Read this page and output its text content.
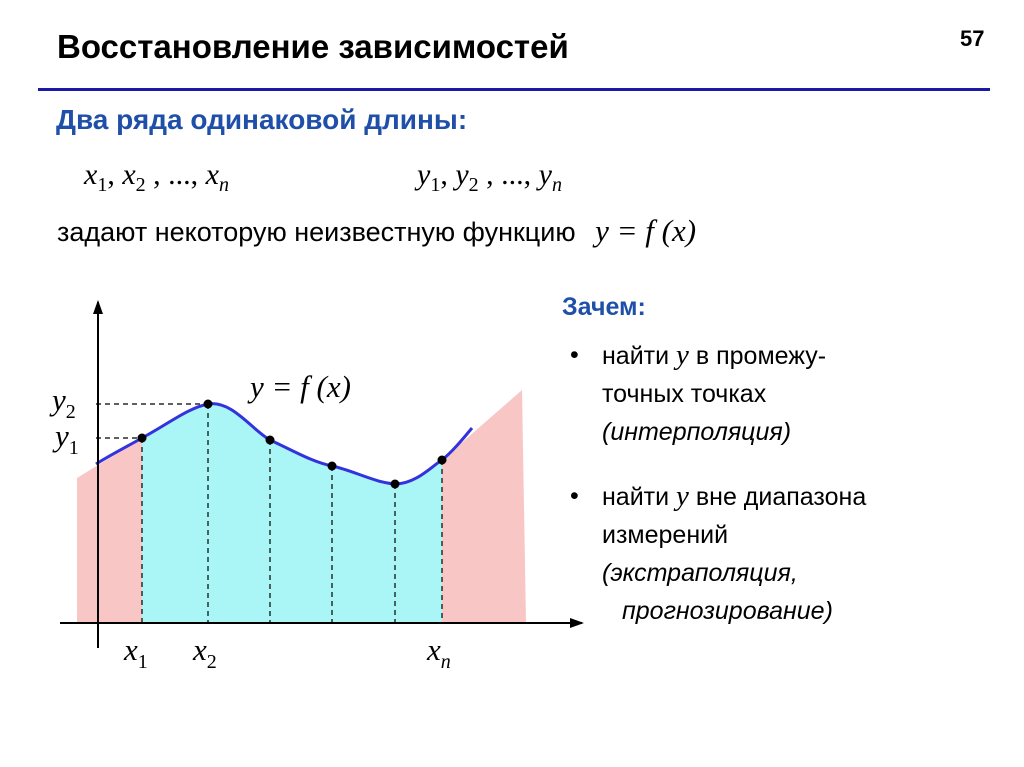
57
Восстановление зависимостей
Два ряда одинаковой длины:
$x_1$, $x_2$ , ..., $x_n$	$y_1$, $y_2$ , ..., $y_n$
задают некоторую неизвестную функцию y = f (x)
y = f (x)
$y_2$
$y_1$
$x_1$ $x_2$	$x_n$
Зачем:
• найти y в промежу-
точных точках
(интерполяция)
• найти y вне диапазона
измерений
(экстраполяция,
прогнозирование)
